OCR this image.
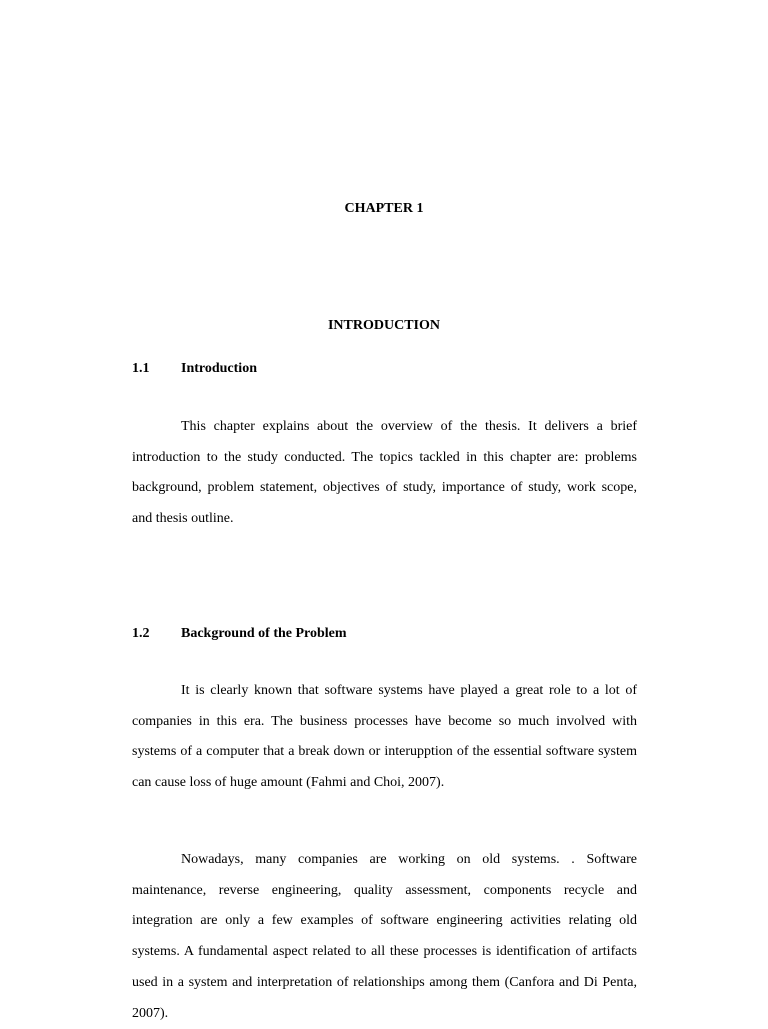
CHAPTER 1
INTRODUCTION
1.1 Introduction

This chapter explains about the overview of the thesis. It delivers a brief introduction to the study conducted. The topics tackled in this chapter are: problems background, problem statement, objectives of study, importance of study, work scope, and thesis outline.

1.2 Background of the Problem

It is clearly known that software systems have played a great role to a lot of companies in this era. The business processes have become so much involved with systems of a computer that a break down or interupption of the essential software system can cause loss of huge amount (Fahmi and Choi, 2007).

Nowadays, many companies are working on old systems. . Software maintenance, reverse engineering, quality assessment, components recycle and integration are only a few examples of software engineering activities relating old systems. A fundamental aspect related to all these processes is identification of artifacts used in a system and interpretation of relationships among them (Canfora and Di Penta, 2007).
